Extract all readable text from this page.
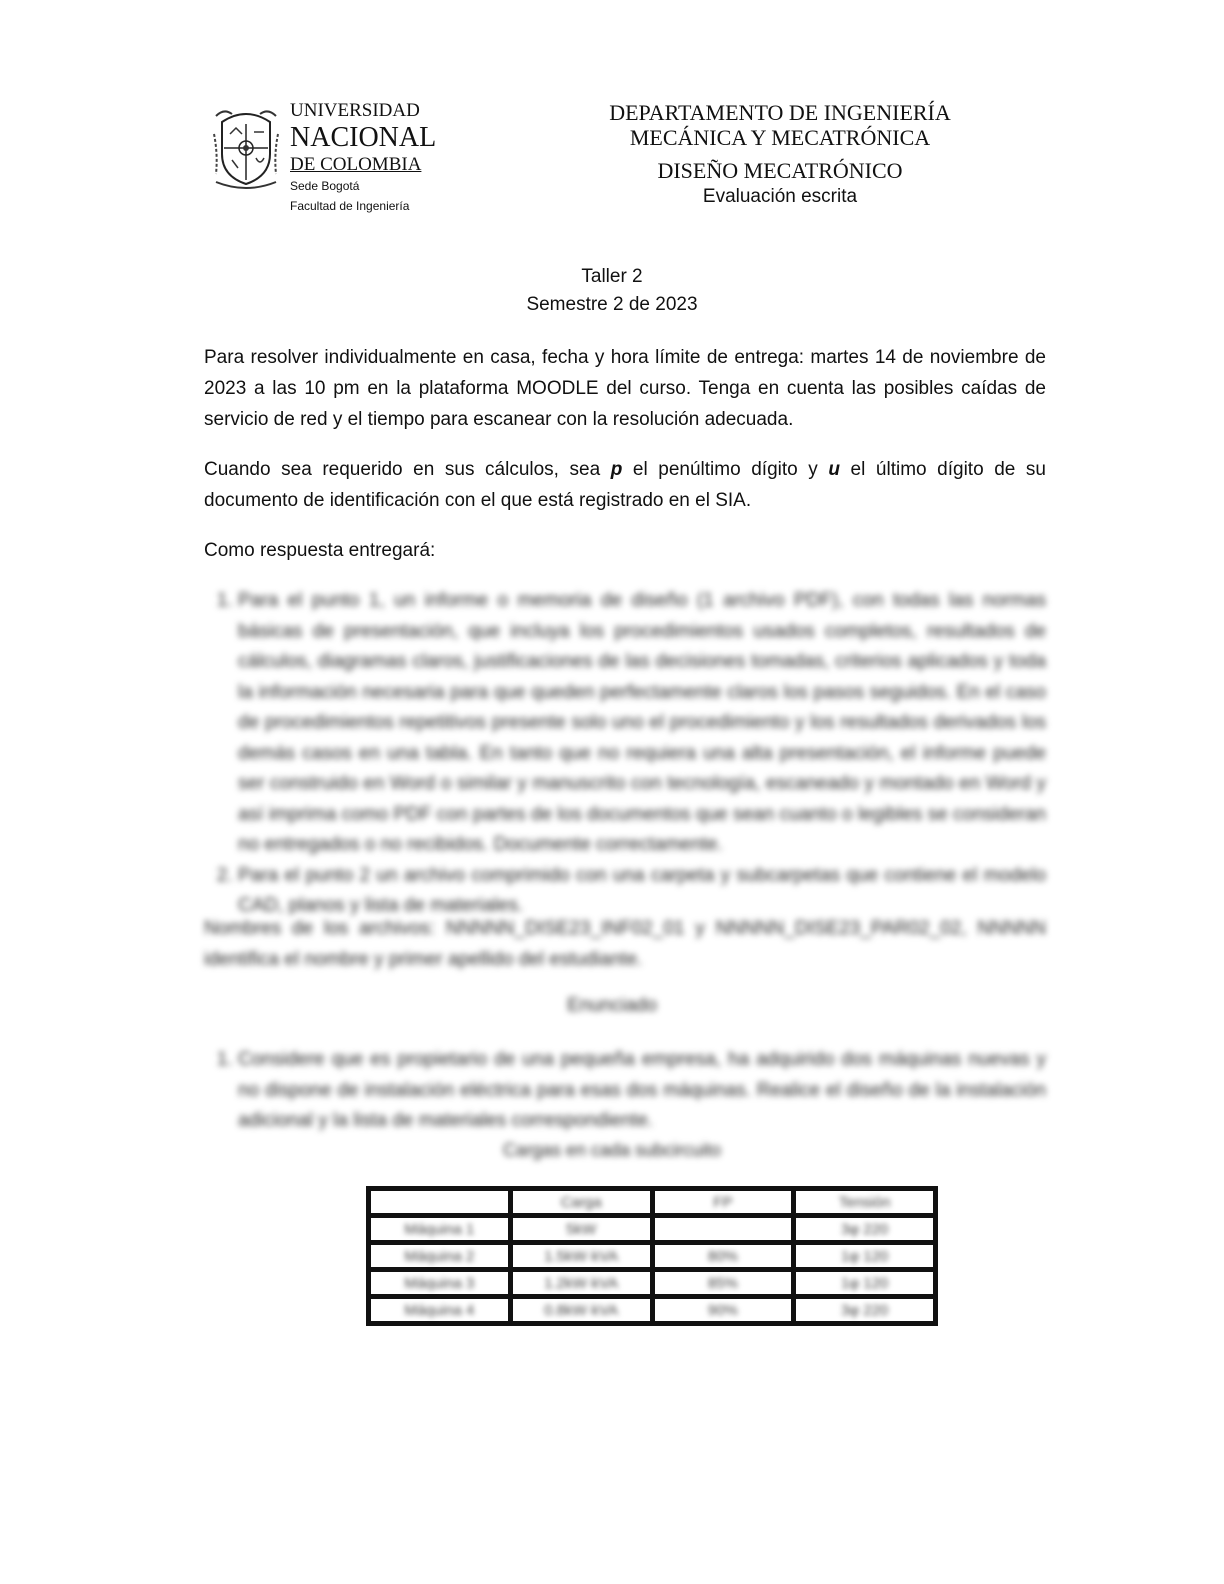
UNIVERSIDAD
NACIONAL
DE COLOMBIA
Sede Bogotá
Facultad de Ingeniería
DEPARTAMENTO DE INGENIERÍA
MECÁNICA Y MECATRÓNICA
DISEÑO MECATRÓNICO
Evaluación escrita
Taller 2
Semestre 2 de 2023
Para resolver individualmente en casa, fecha y hora límite de entrega: martes 14 de noviembre de 2023 a las 10 pm en la plataforma MOODLE del curso. Tenga en cuenta las posibles caídas de servicio de red y el tiempo para escanear con la resolución adecuada.
Cuando sea requerido en sus cálculos, sea p el penúltimo dígito y u el último dígito de su documento de identificación con el que está registrado en el SIA.
Como respuesta entregará:
1. Para el punto 1, un informe o memoria de diseño (1 archivo PDF), con todas las normas básicas de presentación, que incluya los procedimientos usados completos, resultados de cálculos, diagramas claros, justificaciones de las decisiones tomadas, criterios aplicados y toda la información necesaria para que queden perfectamente claros los pasos seguidos. En el caso de procedimientos repetitivos presente solo uno el procedimiento y los resultados derivados los demás casos en una tabla. En tanto que no requiera una alta presentación, el informe puede ser construido en Word o similar y manuscrito con tecnología, escaneado y montado en Word y así imprima como PDF con partes de los documentos que sean cuanto o legibles se consideran no entregados o no recibidos. Documente correctamente.
2. Para el punto 2 un archivo comprimido con una carpeta y subcarpetas que contiene el modelo CAD, planos y lista de materiales.
Nombres de los archivos: NNNNN_DISE23_INF02_01 y NNNNN_DISE23_PAR02_02, NNNNN identifica el nombre y primer apellido del estudiante.
Enunciado
1. Considere que es propietario de una pequeña empresa, ha adquirido dos máquinas nuevas y no dispone de instalación eléctrica para esas dos máquinas. Realice el diseño de la instalación adicional y la lista de materiales correspondiente.
Cargas en cada subcircuito
	Carga	FP	Tensión
Máquina 1	5kW		3φ 220
Máquina 2	1.5kW·kVA	80%	1φ 120
Máquina 3	1.2kW·kVA	85%	1φ 120
Máquina 4	0.8kW·kVA	90%	3φ 220
